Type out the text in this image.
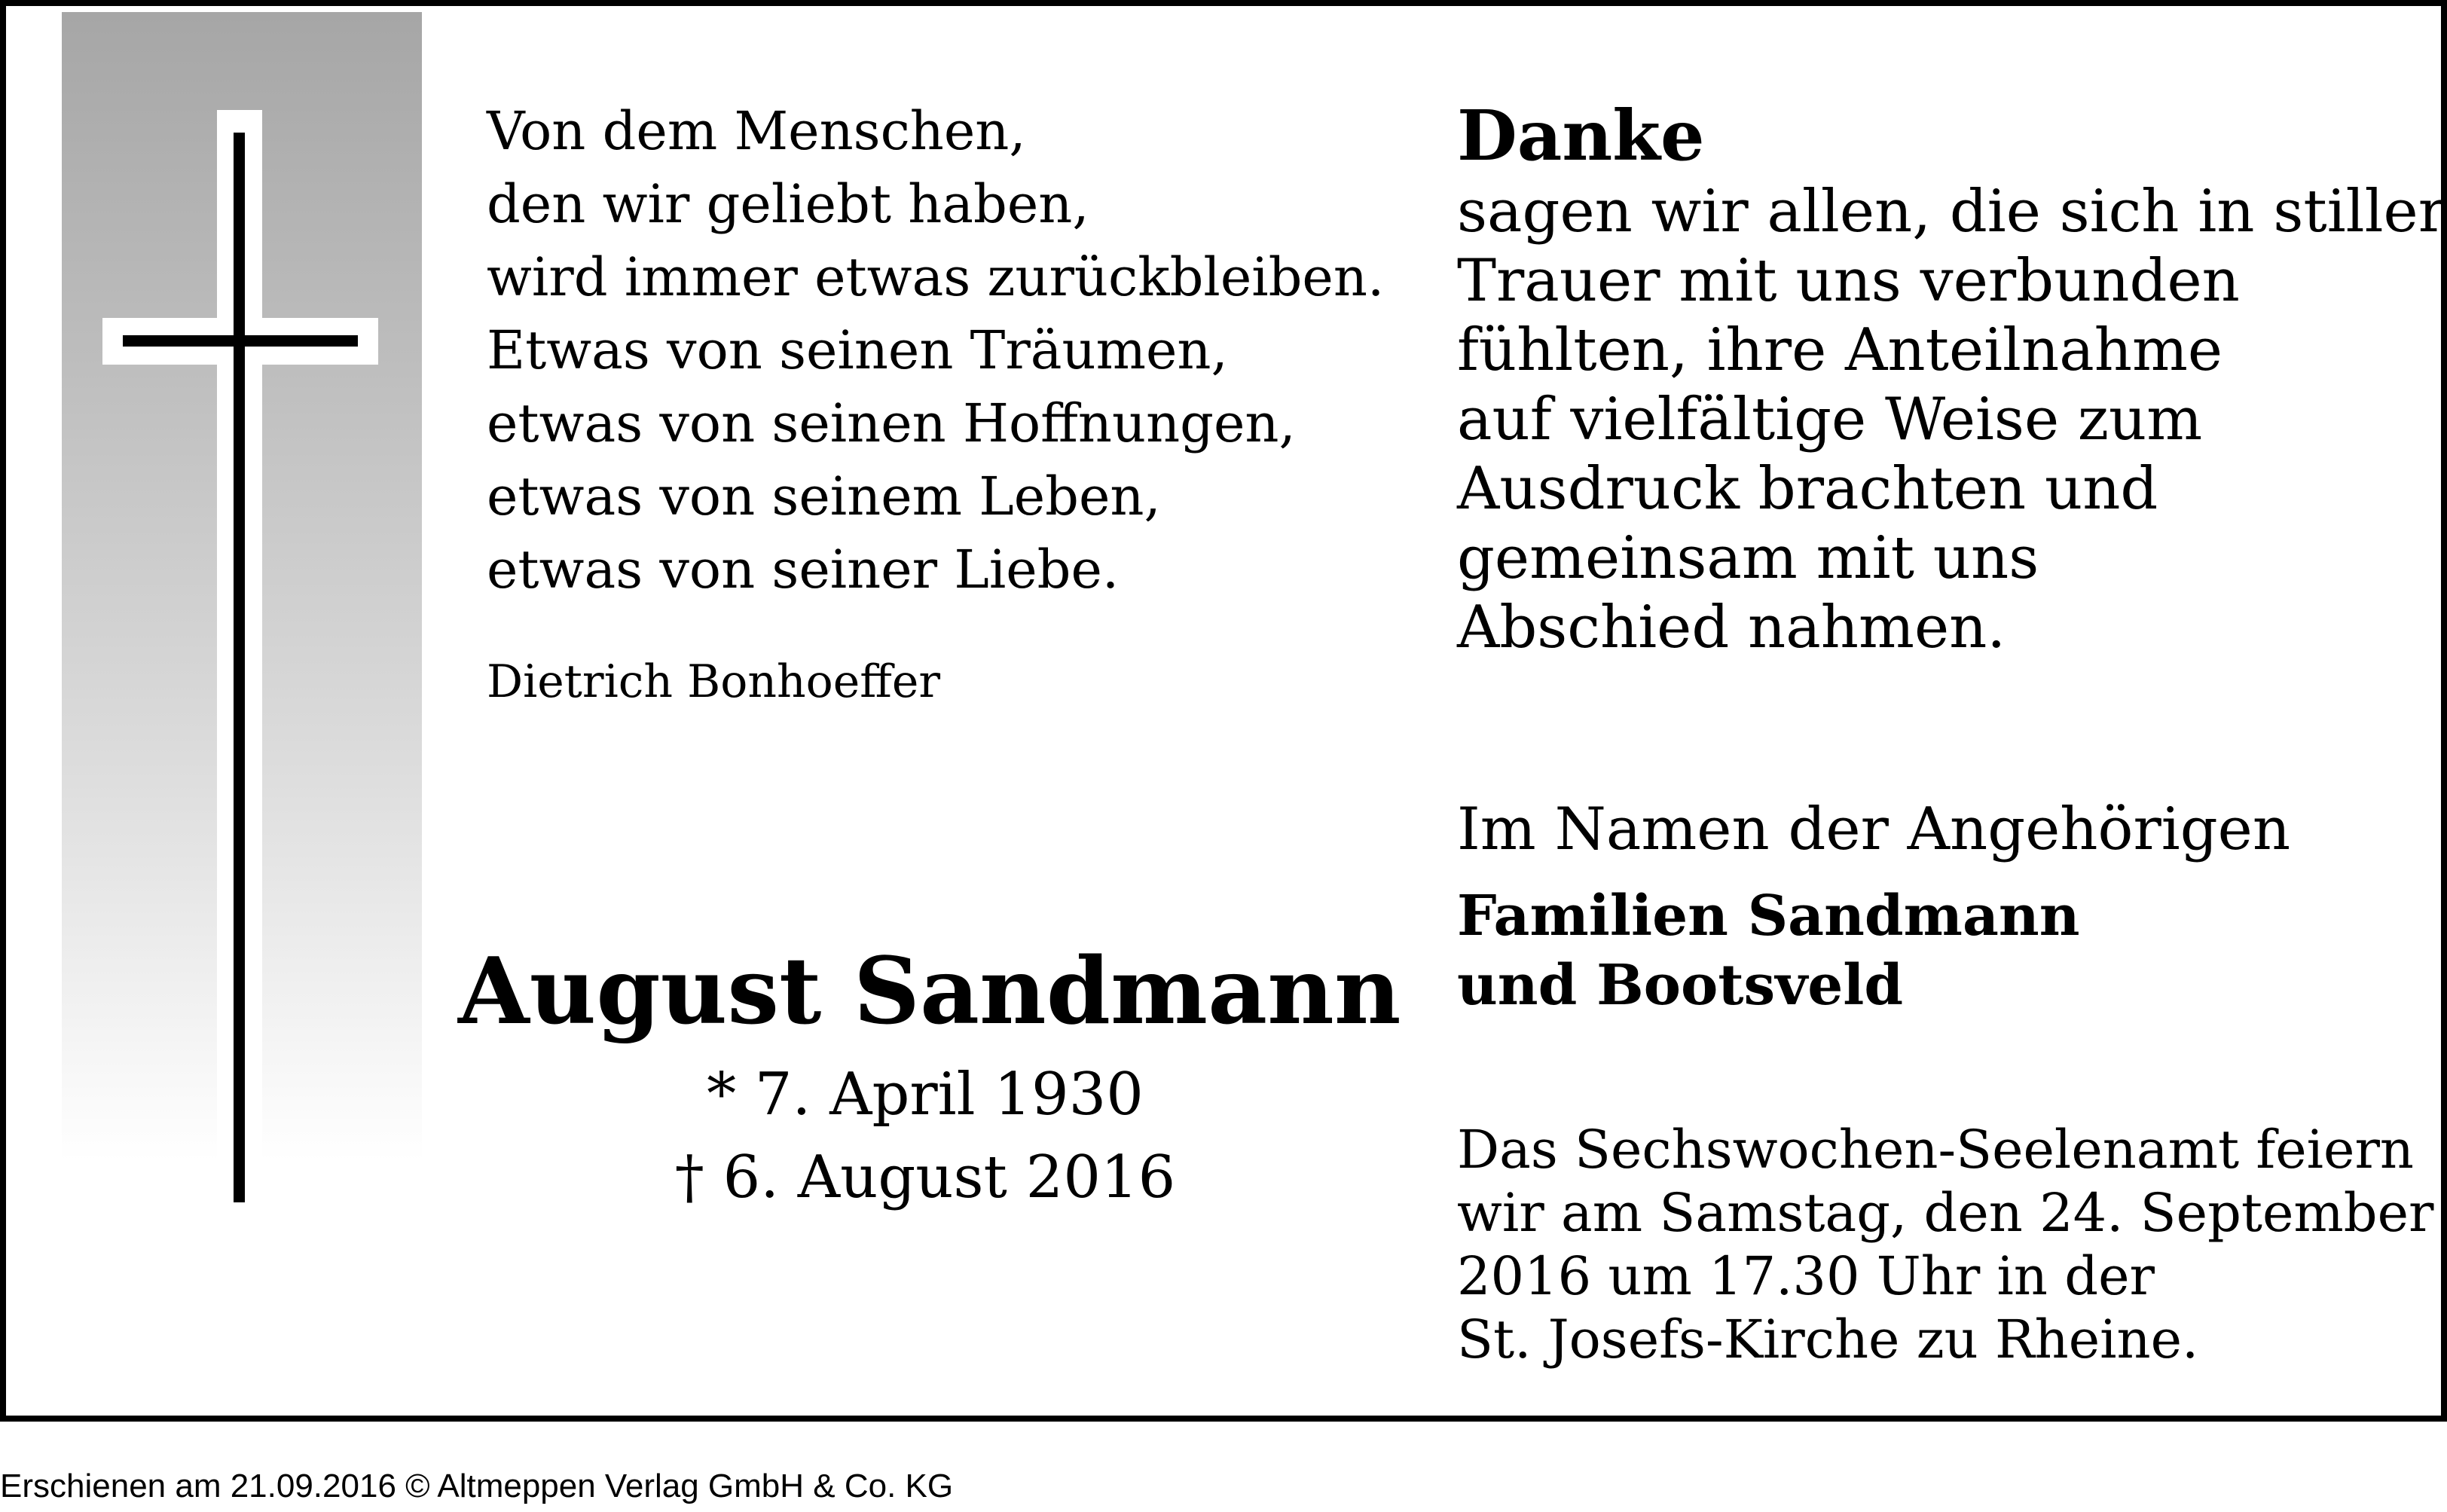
Von dem Menschen,
den wir geliebt haben,
wird immer etwas zurückbleiben.
Etwas von seinen Träumen,
etwas von seinen Hoffnungen,
etwas von seinem Leben,
etwas von seiner Liebe.
Dietrich Bonhoeffer
August Sandmann
* 7. April 1930
† 6. August 2016
Danke
sagen wir allen, die sich in stiller
Trauer mit uns verbunden
fühlten, ihre Anteilnahme
auf vielfältige Weise zum
Ausdruck brachten und
gemeinsam mit uns
Abschied nahmen.
Im Namen der Angehörigen
Familien Sandmann
und Bootsveld
Das Sechswochen-Seelenamt feiern
wir am Samstag, den 24. September
2016 um 17.30 Uhr in der
St. Josefs-Kirche zu Rheine.
Erschienen am 21.09.2016 © Altmeppen Verlag GmbH & Co. KG
